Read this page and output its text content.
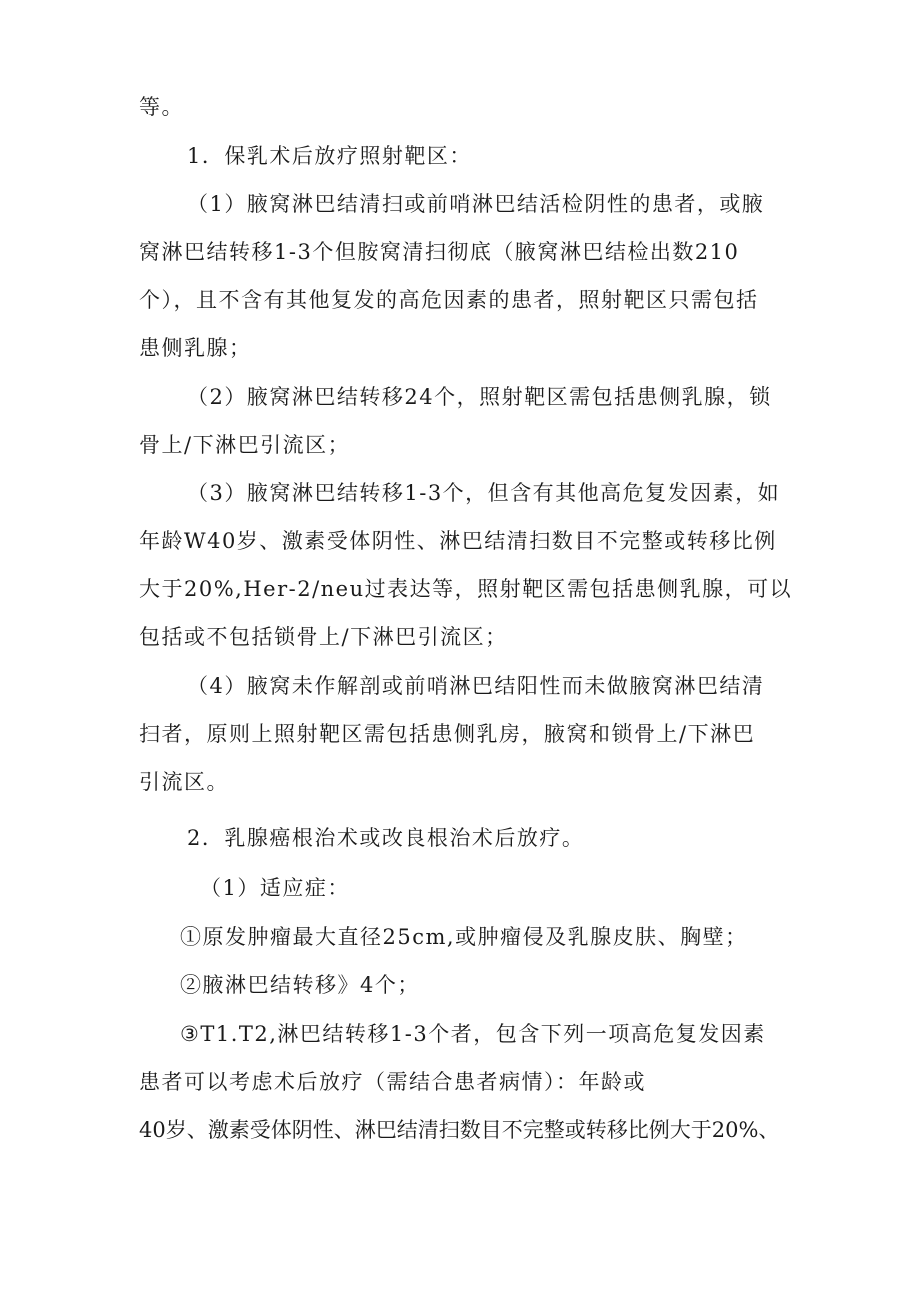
等。
1．保乳术后放疗照射靶区：
（1）腋窝淋巴结清扫或前哨淋巴结活检阴性的患者，或腋
窝淋巴结转移1-3个但胺窝清扫彻底（腋窝淋巴结检出数210
个），且不含有其他复发的高危因素的患者，照射靶区只需包括
患侧乳腺；
（2）腋窝淋巴结转移24个，照射靶区需包括患侧乳腺，锁
骨上/下淋巴引流区；
（3）腋窝淋巴结转移1-3个，但含有其他高危复发因素，如
年龄W40岁、激素受体阴性、淋巴结清扫数目不完整或转移比例
大于20%,Her-2/neu过表达等，照射靶区需包括患侧乳腺，可以
包括或不包括锁骨上/下淋巴引流区；
（4）腋窝未作解剖或前哨淋巴结阳性而未做腋窝淋巴结清
扫者，原则上照射靶区需包括患侧乳房，腋窝和锁骨上/下淋巴
引流区。
2．乳腺癌根治术或改良根治术后放疗。
（1）适应症：
①原发肿瘤最大直径25cm,或肿瘤侵及乳腺皮肤、胸壁；
②腋淋巴结转移》4个；
③T1.T2,淋巴结转移1-3个者，包含下列一项高危复发因素
患者可以考虑术后放疗（需结合患者病情）：年龄或
40岁、激素受体阴性、淋巴结清扫数目不完整或转移比例大于20%、
